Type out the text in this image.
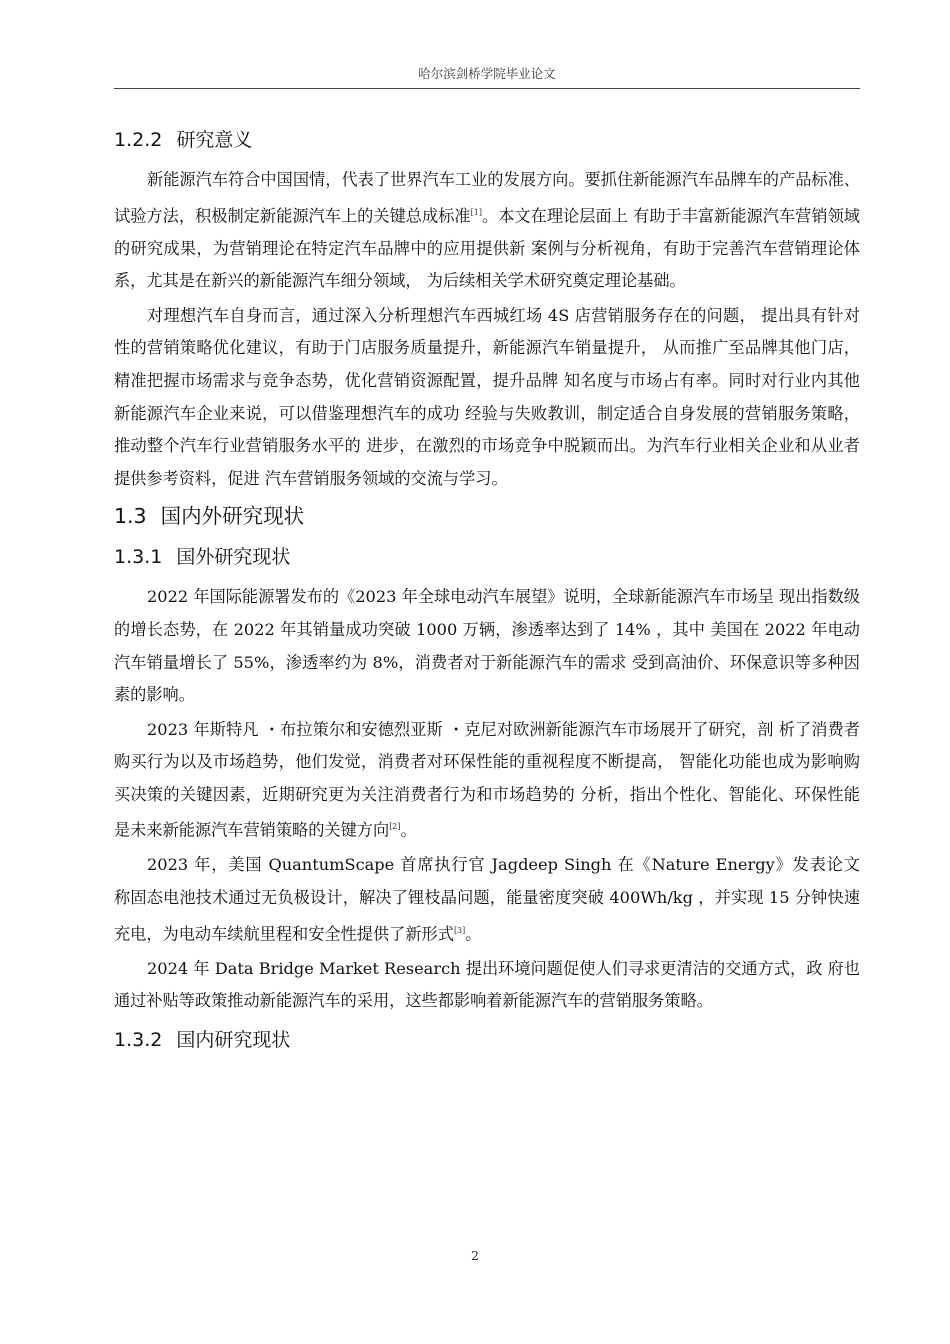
哈尔滨剑桥学院毕业论文
1.2.2 研究意义

新能源汽车符合中国国情，代表了世界汽车工业的发展方向。要抓住新能源汽车品牌车的产品标准、试验方法，积极制定新能源汽车上的关键总成标准[1]。本文在理论层面上 有助于丰富新能源汽车营销领域的研究成果，为营销理论在特定汽车品牌中的应用提供新 案例与分析视角，有助于完善汽车营销理论体系，尤其是在新兴的新能源汽车细分领域， 为后续相关学术研究奠定理论基础。

对理想汽车自身而言，通过深入分析理想汽车西城红场 4S 店营销服务存在的问题， 提出具有针对性的营销策略优化建议，有助于门店服务质量提升，新能源汽车销量提升， 从而推广至品牌其他门店，精准把握市场需求与竞争态势，优化营销资源配置，提升品牌 知名度与市场占有率。同时对行业内其他新能源汽车企业来说，可以借鉴理想汽车的成功 经验与失败教训，制定适合自身发展的营销服务策略，推动整个汽车行业营销服务水平的 进步，在激烈的市场竞争中脱颖而出。为汽车行业相关企业和从业者提供参考资料，促进 汽车营销服务领域的交流与学习。

1.3 国内外研究现状
1.3.1 国外研究现状

2022 年国际能源署发布的《2023 年全球电动汽车展望》说明，全球新能源汽车市场呈 现出指数级的增长态势，在 2022 年其销量成功突破 1000 万辆，渗透率达到了 14% ，其中 美国在 2022 年电动汽车销量增长了 55%，渗透率约为 8%，消费者对于新能源汽车的需求 受到高油价、环保意识等多种因素的影响。

2023 年斯特凡 ・布拉策尔和安德烈亚斯 ・克尼对欧洲新能源汽车市场展开了研究，剖 析了消费者购买行为以及市场趋势，他们发觉，消费者对环保性能的重视程度不断提高， 智能化功能也成为影响购买决策的关键因素，近期研究更为关注消费者行为和市场趋势的 分析，指出个性化、智能化、环保性能是未来新能源汽车营销策略的关键方向[2]。

2023 年，美国 QuantumScape 首席执行官 Jagdeep Singh 在《Nature Energy》发表论文 称固态电池技术通过无负极设计，解决了锂枝晶问题，能量密度突破 400Wh/kg ，并实现 15 分钟快速充电，为电动车续航里程和安全性提供了新形式[3]。

2024 年 Data Bridge Market Research 提出环境问题促使人们寻求更清洁的交通方式，政 府也通过补贴等政策推动新能源汽车的采用，这些都影响着新能源汽车的营销服务策略。

1.3.2 国内研究现状
2
